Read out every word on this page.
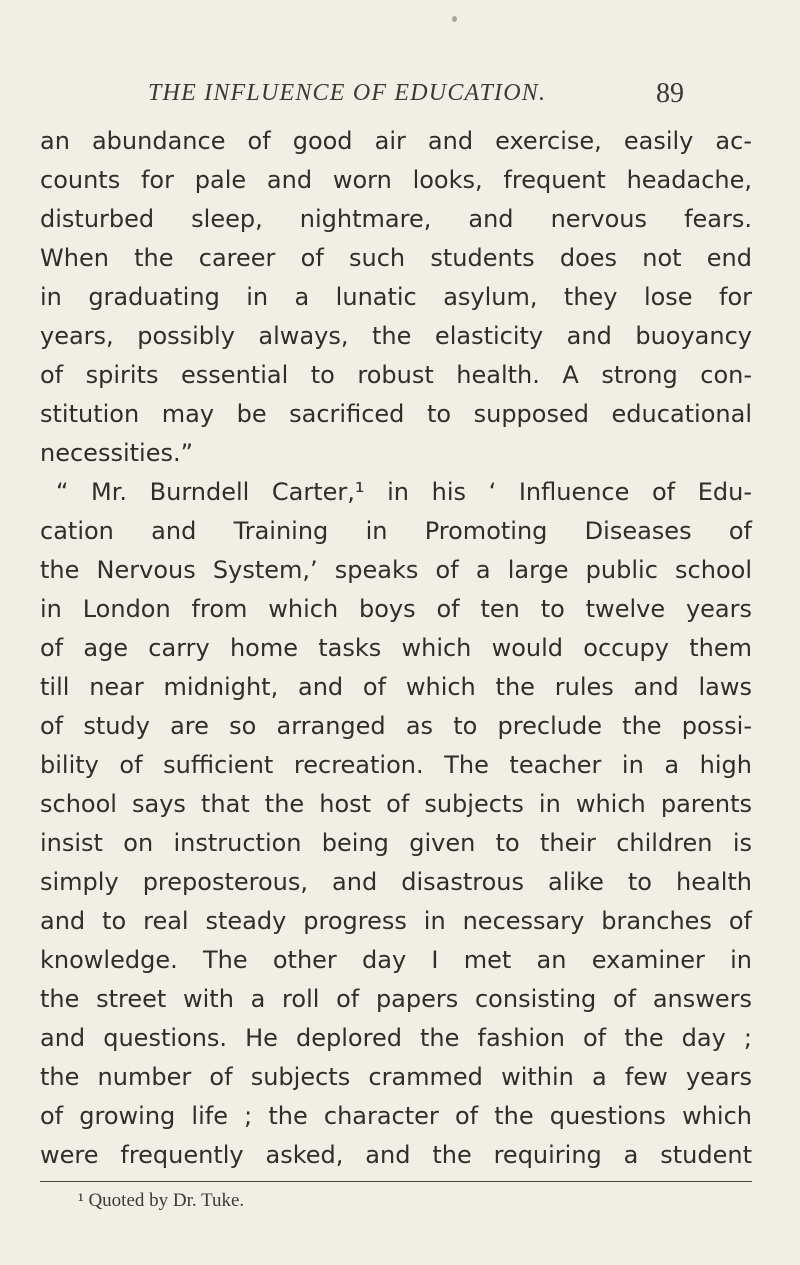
THE INFLUENCE OF EDUCATION.	89
an abundance of good air and exercise, easily ac-
counts for pale and worn looks, frequent headache,
disturbed sleep, nightmare, and nervous fears.
When the career of such students does not end
in graduating in a lunatic asylum, they lose for
years, possibly always, the elasticity and buoyancy
of spirits essential to robust health. A strong con-
stitution may be sacrificed to supposed educational
necessities.”
“ Mr. Burndell Carter,¹ in his ‘ Influence of Edu-
cation and Training in Promoting Diseases of
the Nervous System,’ speaks of a large public school
in London from which boys of ten to twelve years
of age carry home tasks which would occupy them
till near midnight, and of which the rules and laws
of study are so arranged as to preclude the possi-
bility of sufficient recreation. The teacher in a high
school says that the host of subjects in which parents
insist on instruction being given to their children is
simply preposterous, and disastrous alike to health
and to real steady progress in necessary branches of
knowledge. The other day I met an examiner in
the street with a roll of papers consisting of answers
and questions. He deplored the fashion of the day ;
the number of subjects crammed within a few years
of growing life ; the character of the questions which
were frequently asked, and the requiring a student
¹ Quoted by Dr. Tuke.
